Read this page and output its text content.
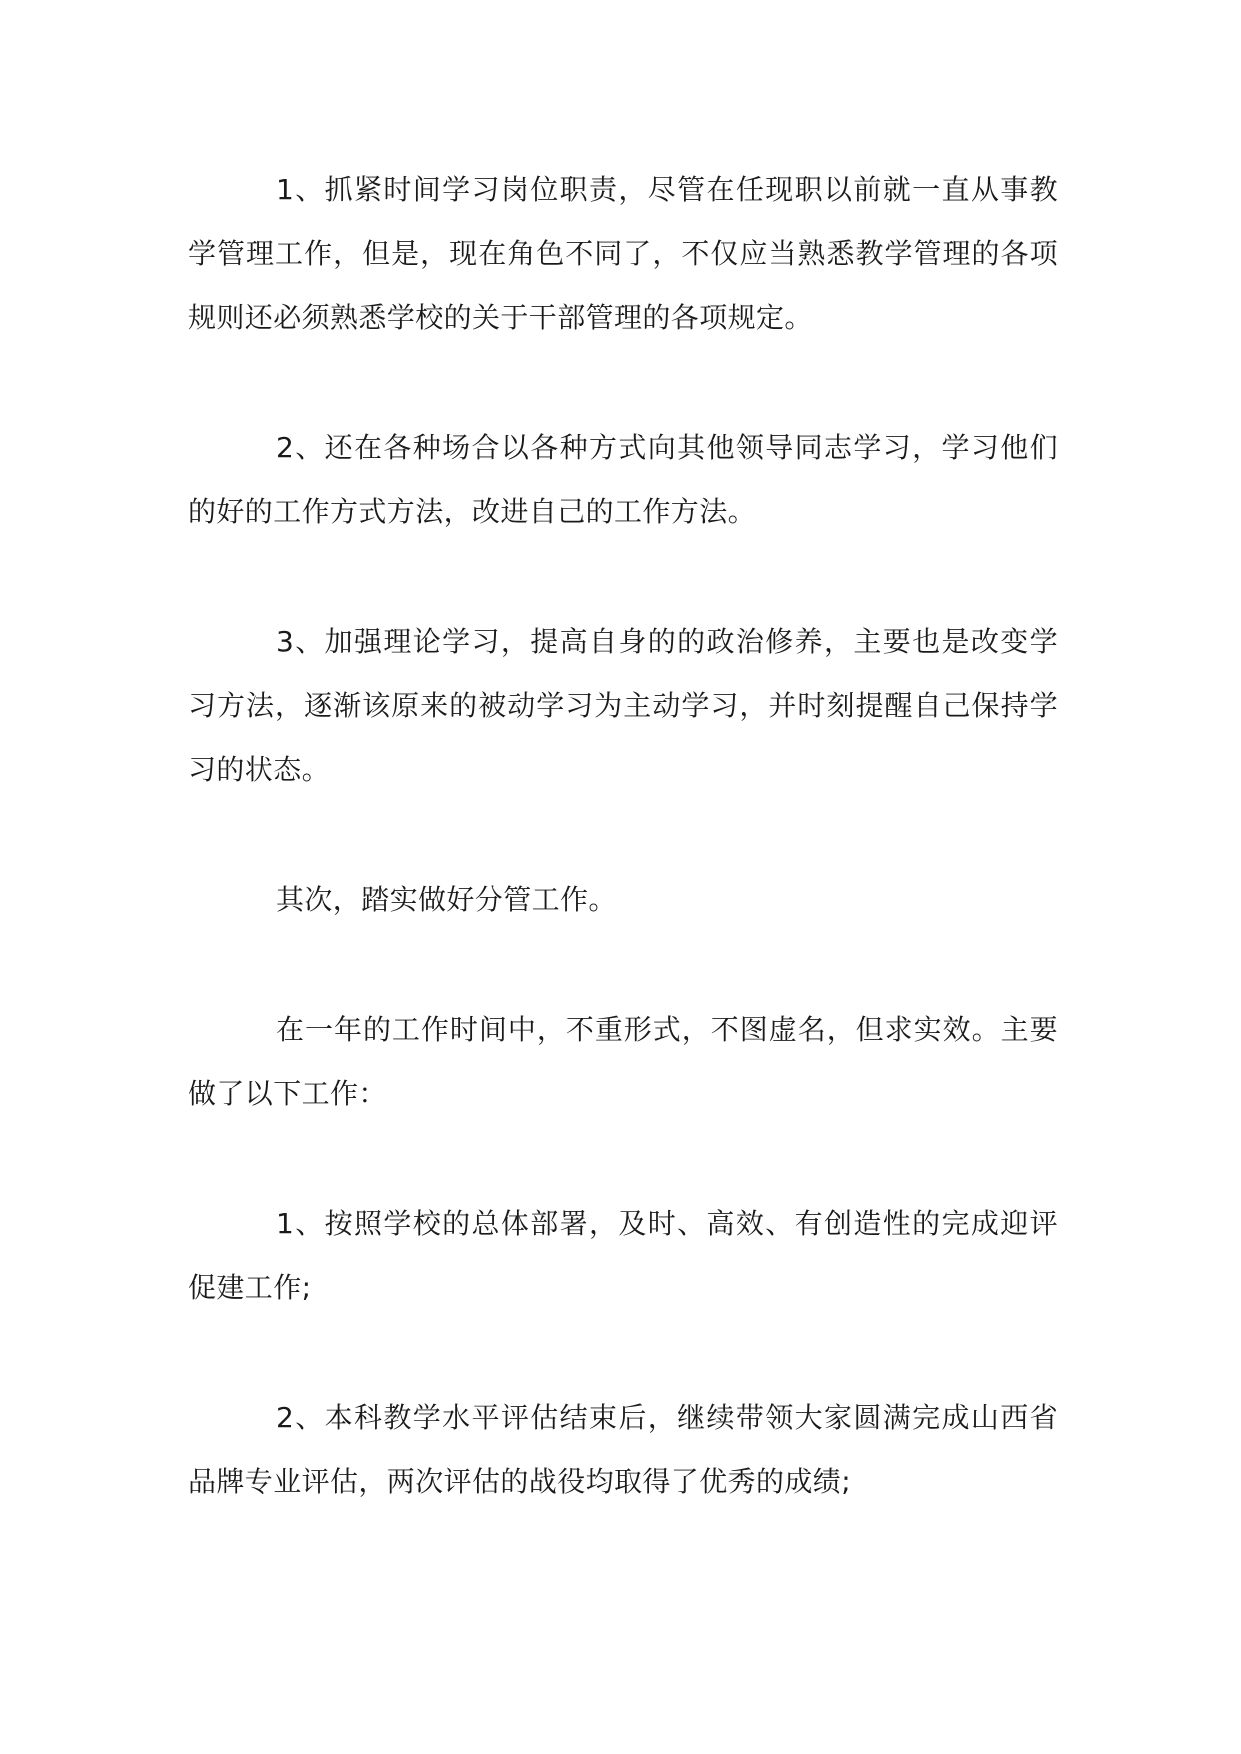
1、抓紧时间学习岗位职责，尽管在任现职以前就一直从事教学管理工作，但是，现在角色不同了，不仅应当熟悉教学管理的各项规则还必须熟悉学校的关于干部管理的各项规定。

2、还在各种场合以各种方式向其他领导同志学习，学习他们的好的工作方式方法，改进自己的工作方法。

3、加强理论学习，提高自身的的政治修养，主要也是改变学习方法，逐渐该原来的被动学习为主动学习，并时刻提醒自己保持学习的状态。

其次，踏实做好分管工作。

在一年的工作时间中，不重形式，不图虚名，但求实效。主要做了以下工作：

1、按照学校的总体部署，及时、高效、有创造性的完成迎评促建工作;

2、本科教学水平评估结束后，继续带领大家圆满完成山西省品牌专业评估，两次评估的战役均取得了优秀的成绩;
